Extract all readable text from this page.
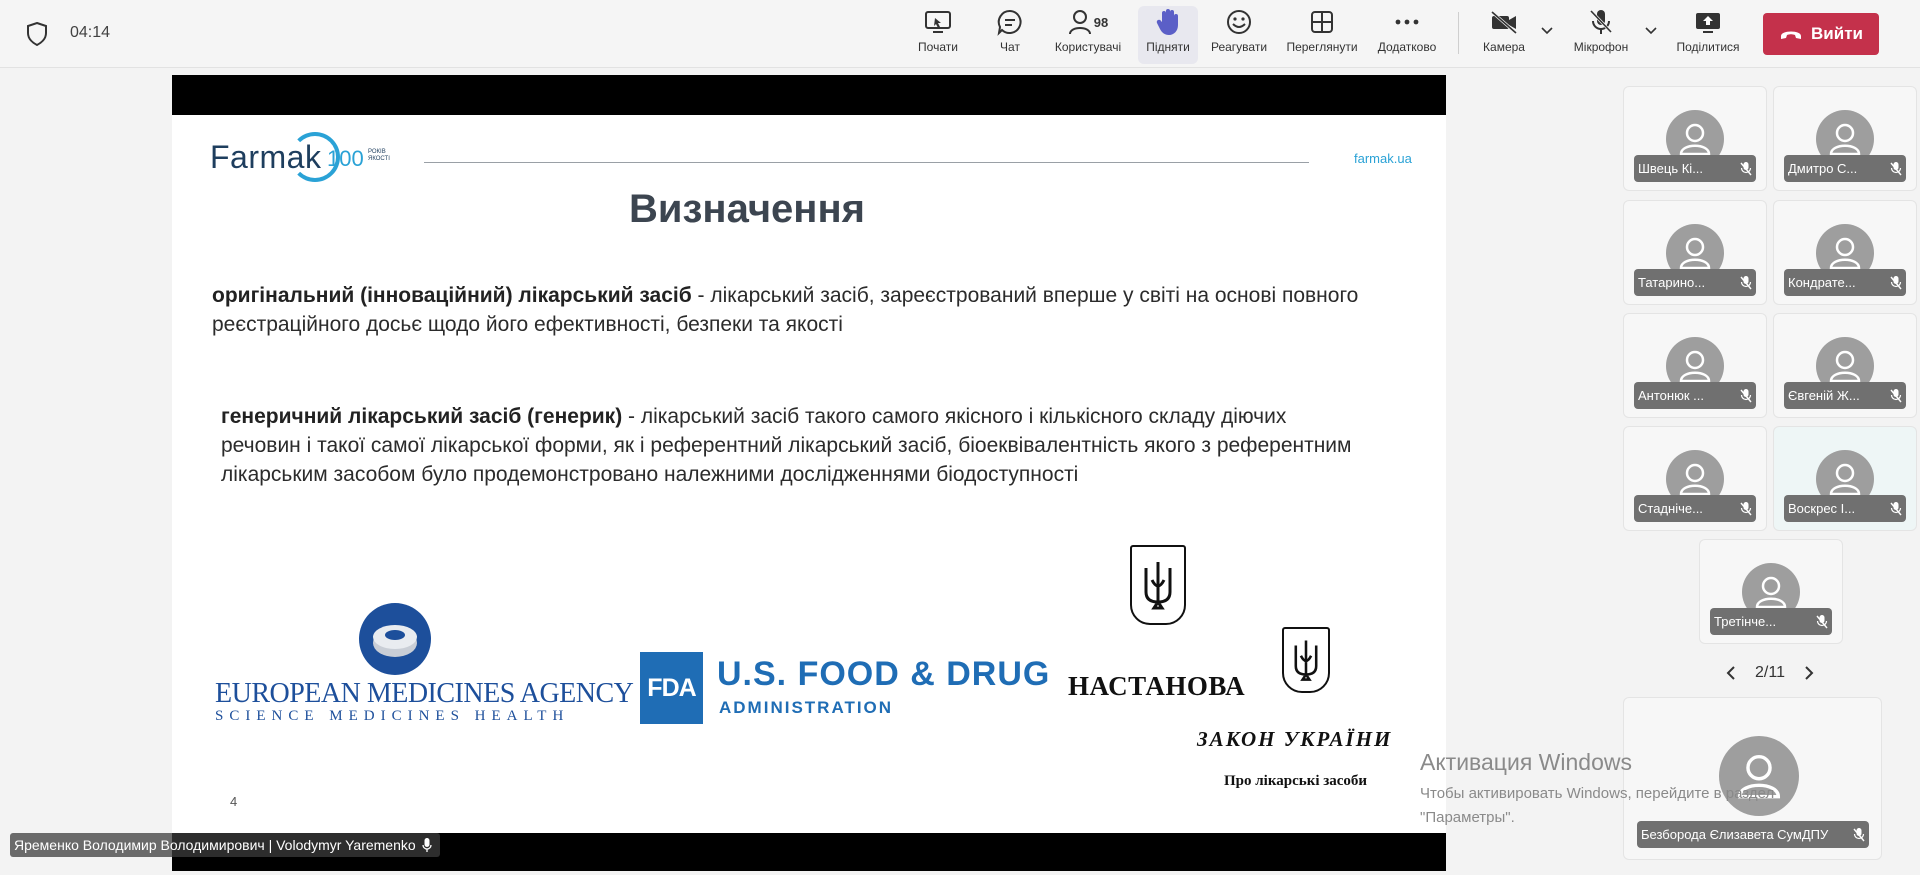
04:14
Почати	Чат
98
Користувачі Підняти Реагувати Переглянути Додатково	Камера	Мікрофон	Поділитися
Вийти
Farmak 100 РОКІВ ЯКОСТІ	farmak.ua
Визначення
оригінальний (інноваційний) лікарський засіб - лікарський засіб, зареєстрований вперше у світі на основі повного реєстраційного досьє щодо його ефективності, безпеки та якості
генеричний лікарський засіб (генерик) - лікарський засіб такого самого якісного і кількісного складу діючих речовин і такої самої лікарської форми, як і референтний лікарський засіб, біоеквівалентність якого з референтним лікарським засобом було продемонстровано належними дослідженнями біодоступності
EUROPEAN MEDICINES AGENCY
SCIENCE MEDICINES HEALTH
FDA U.S. FOOD & DRUG
ADMINISTRATION
НАСТАНОВА
ЗАКОН УКРАЇНИ
Про лікарські засоби
4
Яременко Володимир Володимирович | Volodymyr Yaremenko
Швець Кі...	Дмитро С...
Татарино...	Кондрате...
Антонюк ...	Євгеній Ж...
Стадніче...	Воскрес І...
Третінче...
2/11
Безборода Єлизавета СумДПУ
Активация Windows
Чтобы активировать Windows, перейдите в раздел
"Параметры".
